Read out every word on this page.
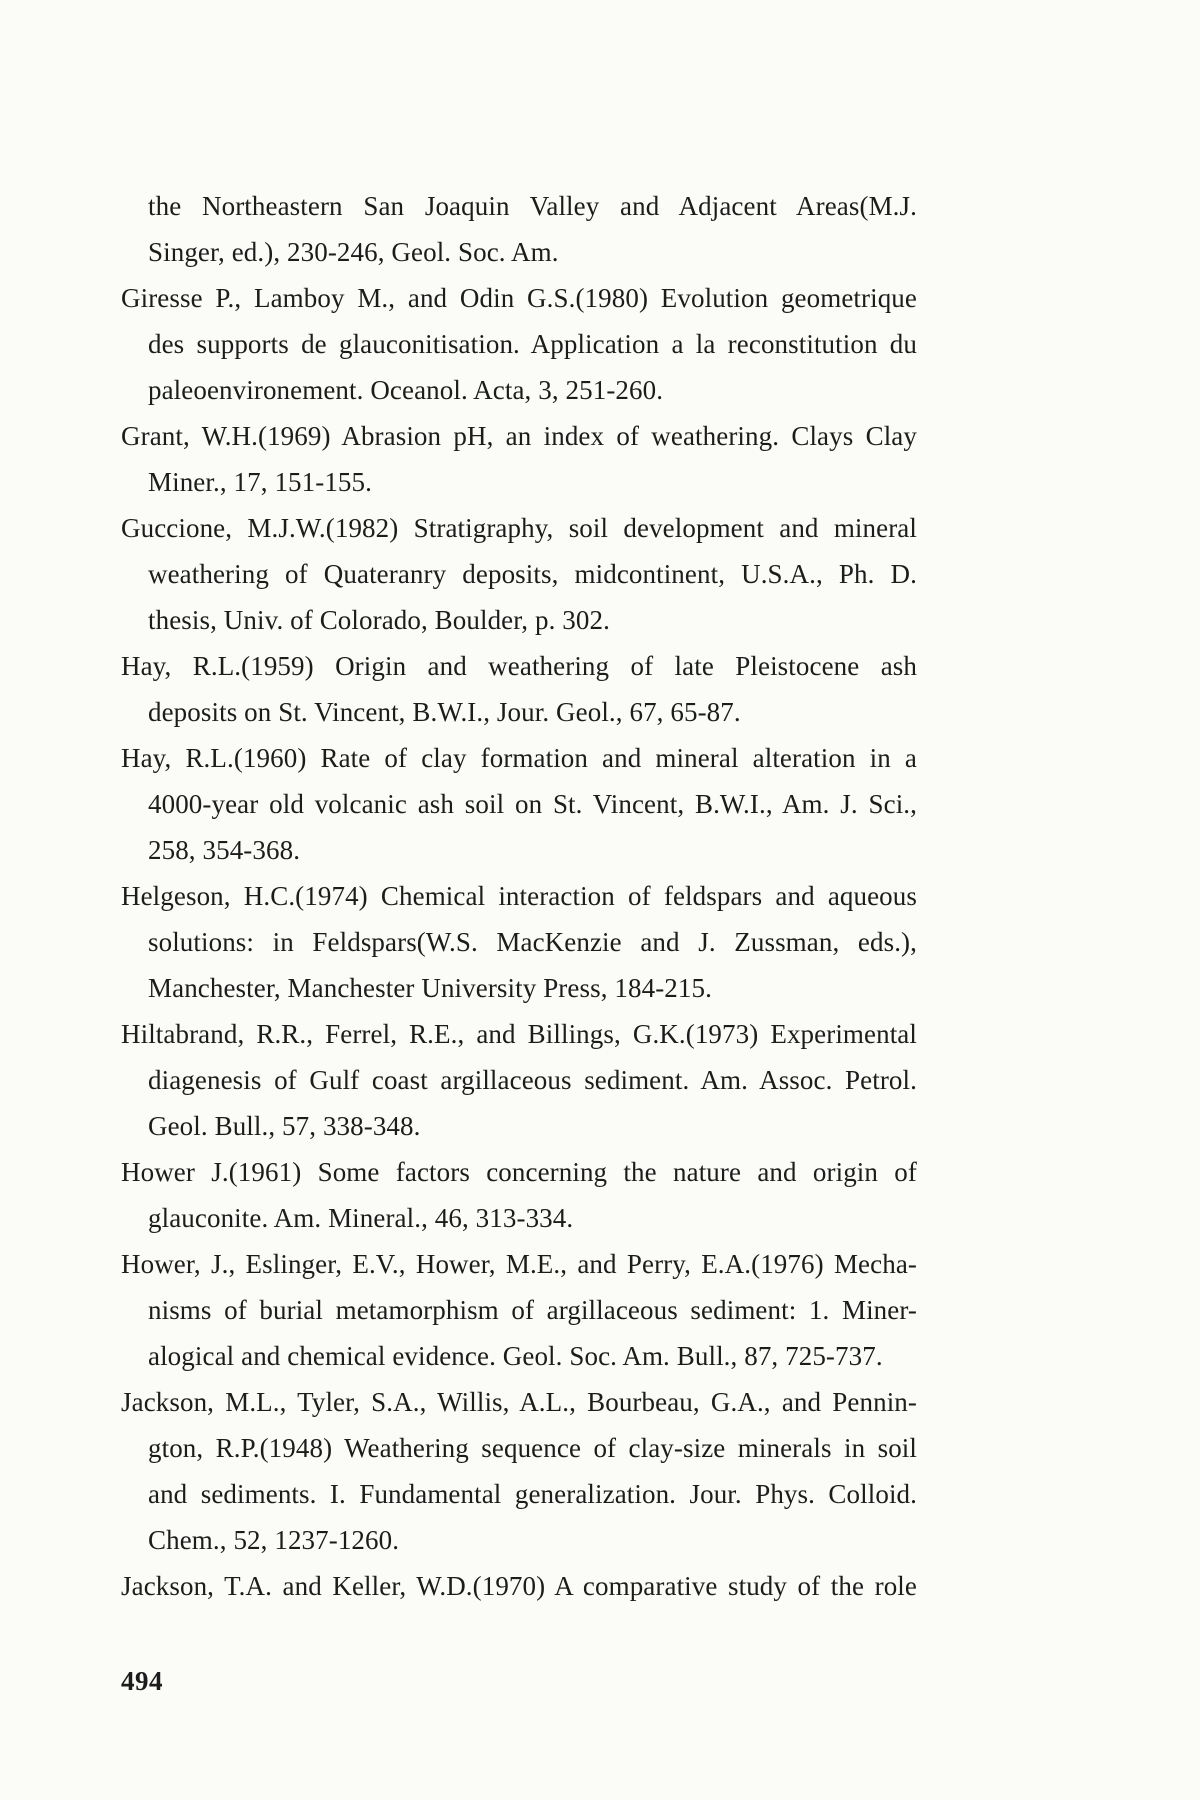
the Northeastern San Joaquin Valley and Adjacent Areas(M.J.
Singer, ed.), 230-246, Geol. Soc. Am.
Giresse P., Lamboy M., and Odin G.S.(1980) Evolution geometrique
des supports de glauconitisation. Application a la reconstitution du
paleoenvironement. Oceanol. Acta, 3, 251-260.
Grant, W.H.(1969) Abrasion pH, an index of weathering. Clays Clay
Miner., 17, 151-155.
Guccione, M.J.W.(1982) Stratigraphy, soil development and mineral
weathering of Quateranry deposits, midcontinent, U.S.A., Ph. D.
thesis, Univ. of Colorado, Boulder, p. 302.
Hay, R.L.(1959) Origin and weathering of late Pleistocene ash
deposits on St. Vincent, B.W.I., Jour. Geol., 67, 65-87.
Hay, R.L.(1960) Rate of clay formation and mineral alteration in a
4000-year old volcanic ash soil on St. Vincent, B.W.I., Am. J. Sci.,
258, 354-368.
Helgeson, H.C.(1974) Chemical interaction of feldspars and aqueous
solutions: in Feldspars(W.S. MacKenzie and J. Zussman, eds.),
Manchester, Manchester University Press, 184-215.
Hiltabrand, R.R., Ferrel, R.E., and Billings, G.K.(1973) Experimental
diagenesis of Gulf coast argillaceous sediment. Am. Assoc. Petrol.
Geol. Bull., 57, 338-348.
Hower J.(1961) Some factors concerning the nature and origin of
glauconite. Am. Mineral., 46, 313-334.
Hower, J., Eslinger, E.V., Hower, M.E., and Perry, E.A.(1976) Mecha-
nisms of burial metamorphism of argillaceous sediment: 1. Miner-
alogical and chemical evidence. Geol. Soc. Am. Bull., 87, 725-737.
Jackson, M.L., Tyler, S.A., Willis, A.L., Bourbeau, G.A., and Pennin-
gton, R.P.(1948) Weathering sequence of clay-size minerals in soil
and sediments. I. Fundamental generalization. Jour. Phys. Colloid.
Chem., 52, 1237-1260.
Jackson, T.A. and Keller, W.D.(1970) A comparative study of the role
494
